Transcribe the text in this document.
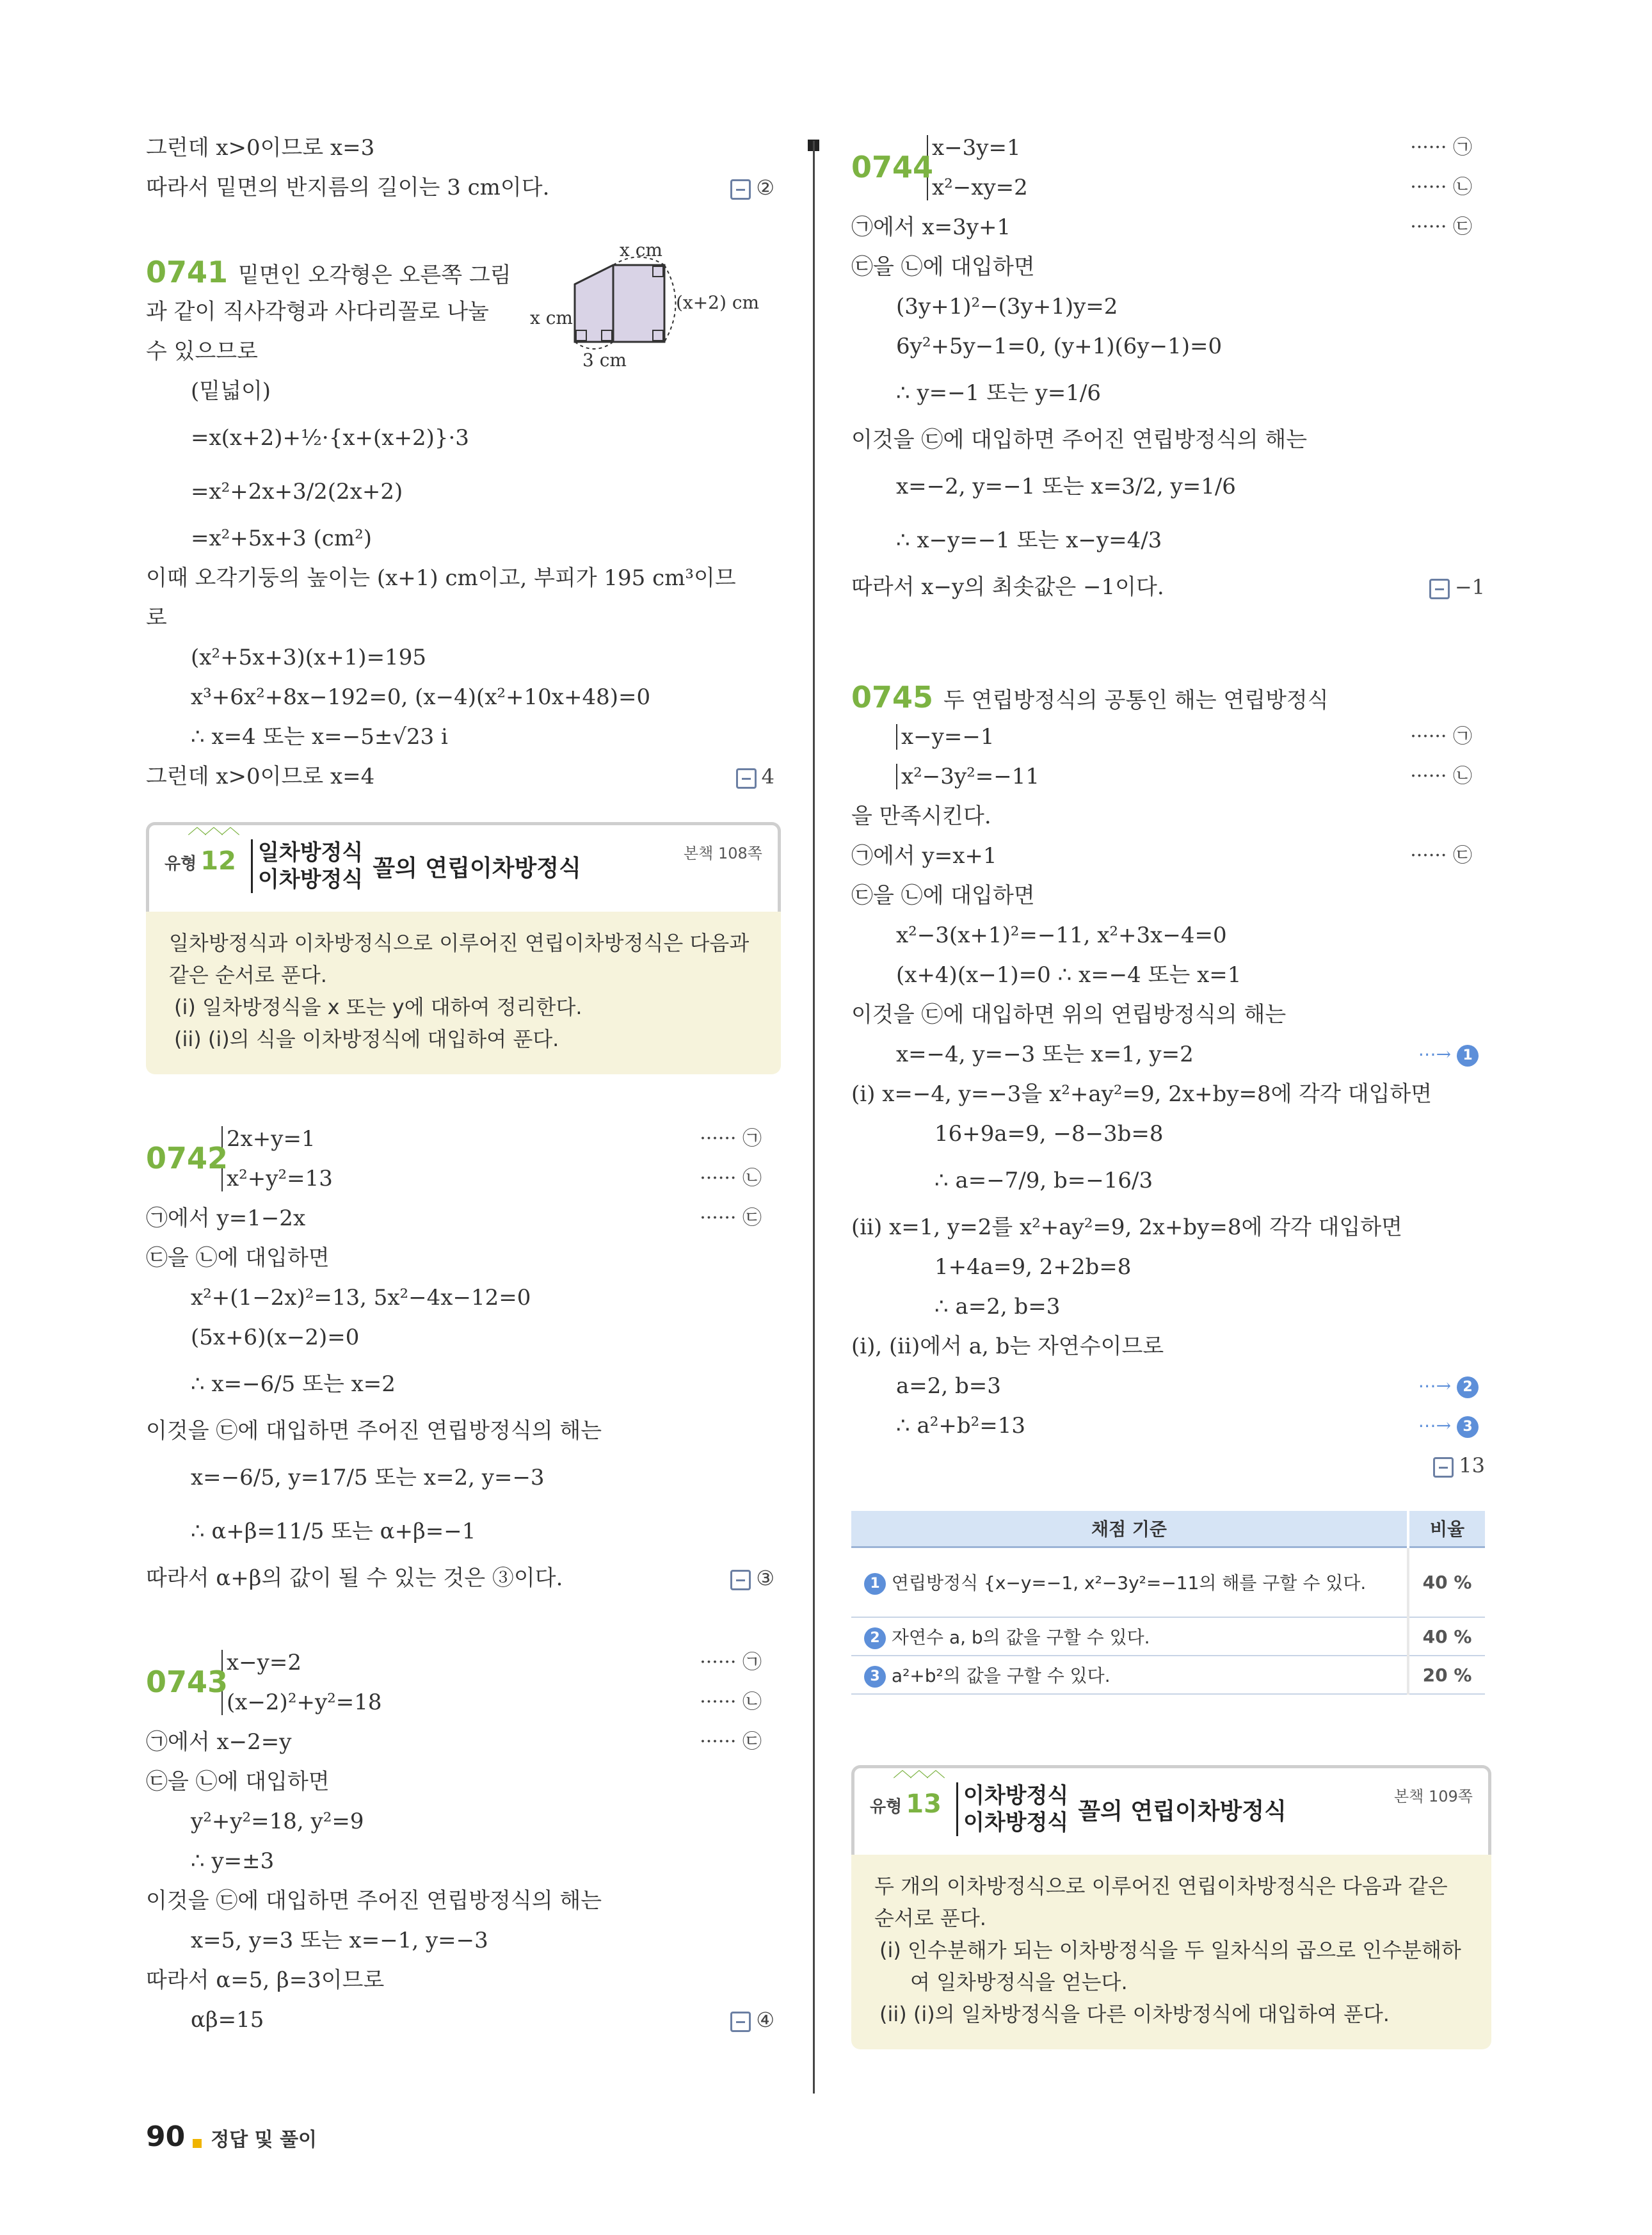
그런데 x>0이므로 x=3
따라서 밑면의 반지름의 길이는 3 cm이다.	②
0741 밑면인 오각형은 오른쪽 그림
과 같이 직사각형과 사다리꼴로 나눌
수 있으므로
(밑넓이)
=x(x+2)+½·{x+(x+2)}·3
=x²+2x+3/2(2x+2)
=x²+5x+3 (cm²)
이때 오각기둥의 높이는 (x+1) cm이고, 부피가 195 cm³이므
로
(x²+5x+3)(x+1)=195
x³+6x²+8x−192=0, (x−4)(x²+10x+48)=0
∴ x=4 또는 x=−5±√23 i
그런데 x>0이므로 x=4	4
x cm
x cm
(x+2) cm
3 cm
︿︿︿
유형 12 일차방정식
이차방정식 꼴의 연립이차방정식
본책 108쪽
일차방정식과 이차방정식으로 이루어진 연립이차방정식은 다음과
같은 순서로 푼다.
(i) 일차방정식을 x 또는 y에 대하여 정리한다.
(ii) (i)의 식을 이차방정식에 대입하여 푼다.
2x+y=1	······ ㉠
0742
x²+y²=13	······ ㉡
㉠에서 y=1−2x	······ ㉢
㉢을 ㉡에 대입하면
x²+(1−2x)²=13, 5x²−4x−12=0
(5x+6)(x−2)=0
∴ x=−6/5 또는 x=2
이것을 ㉢에 대입하면 주어진 연립방정식의 해는
x=−6/5, y=17/5 또는 x=2, y=−3
∴ α+β=11/5 또는 α+β=−1
따라서 α+β의 값이 될 수 있는 것은 ③이다.	③
x−y=2	······ ㉠
0743
(x−2)²+y²=18	······ ㉡
㉠에서 x−2=y	······ ㉢
㉢을 ㉡에 대입하면
y²+y²=18, y²=9
∴ y=±3
이것을 ㉢에 대입하면 주어진 연립방정식의 해는
x=5, y=3 또는 x=−1, y=−3
따라서 α=5, β=3이므로
αβ=15	④
x−3y=1	······ ㉠
0744
x²−xy=2	······ ㉡
㉠에서 x=3y+1	······ ㉢
㉢을 ㉡에 대입하면
(3y+1)²−(3y+1)y=2
6y²+5y−1=0, (y+1)(6y−1)=0
∴ y=−1 또는 y=1/6
이것을 ㉢에 대입하면 주어진 연립방정식의 해는
x=−2, y=−1 또는 x=3/2, y=1/6
∴ x−y=−1 또는 x−y=4/3
따라서 x−y의 최솟값은 −1이다.	−1
0745 두 연립방정식의 공통인 해는 연립방정식
x−y=−1	······ ㉠
x²−3y²=−11	······ ㉡
을 만족시킨다.
㉠에서 y=x+1	······ ㉢
㉢을 ㉡에 대입하면
x²−3(x+1)²=−11, x²+3x−4=0
(x+4)(x−1)=0 ∴ x=−4 또는 x=1
이것을 ㉢에 대입하면 위의 연립방정식의 해는
x=−4, y=−3 또는 x=1, y=2	⋯→ 1
(i) x=−4, y=−3을 x²+ay²=9, 2x+by=8에 각각 대입하면
16+9a=9, −8−3b=8
∴ a=−7/9, b=−16/3
(ii) x=1, y=2를 x²+ay²=9, 2x+by=8에 각각 대입하면
1+4a=9, 2+2b=8
∴ a=2, b=3
(i), (ii)에서 a, b는 자연수이므로
a=2, b=3	⋯→ 2
∴ a²+b²=13	⋯→ 3
13
채점 기준	비율
1 연립방정식 {x−y=−1, x²−3y²=−11의 해를 구할 수 있다.	40 %
2 자연수 a, b의 값을 구할 수 있다.	40 %
3 a²+b²의 값을 구할 수 있다.	20 %
︿︿︿
유형 13 이차방정식
이차방정식 꼴의 연립이차방정식
본책 109쪽
두 개의 이차방정식으로 이루어진 연립이차방정식은 다음과 같은
순서로 푼다.
(i) 인수분해가 되는 이차방정식을 두 일차식의 곱으로 인수분해하
여 일차방정식을 얻는다.
(ii) (i)의 일차방정식을 다른 이차방정식에 대입하여 푼다.
90 정답 및 풀이
